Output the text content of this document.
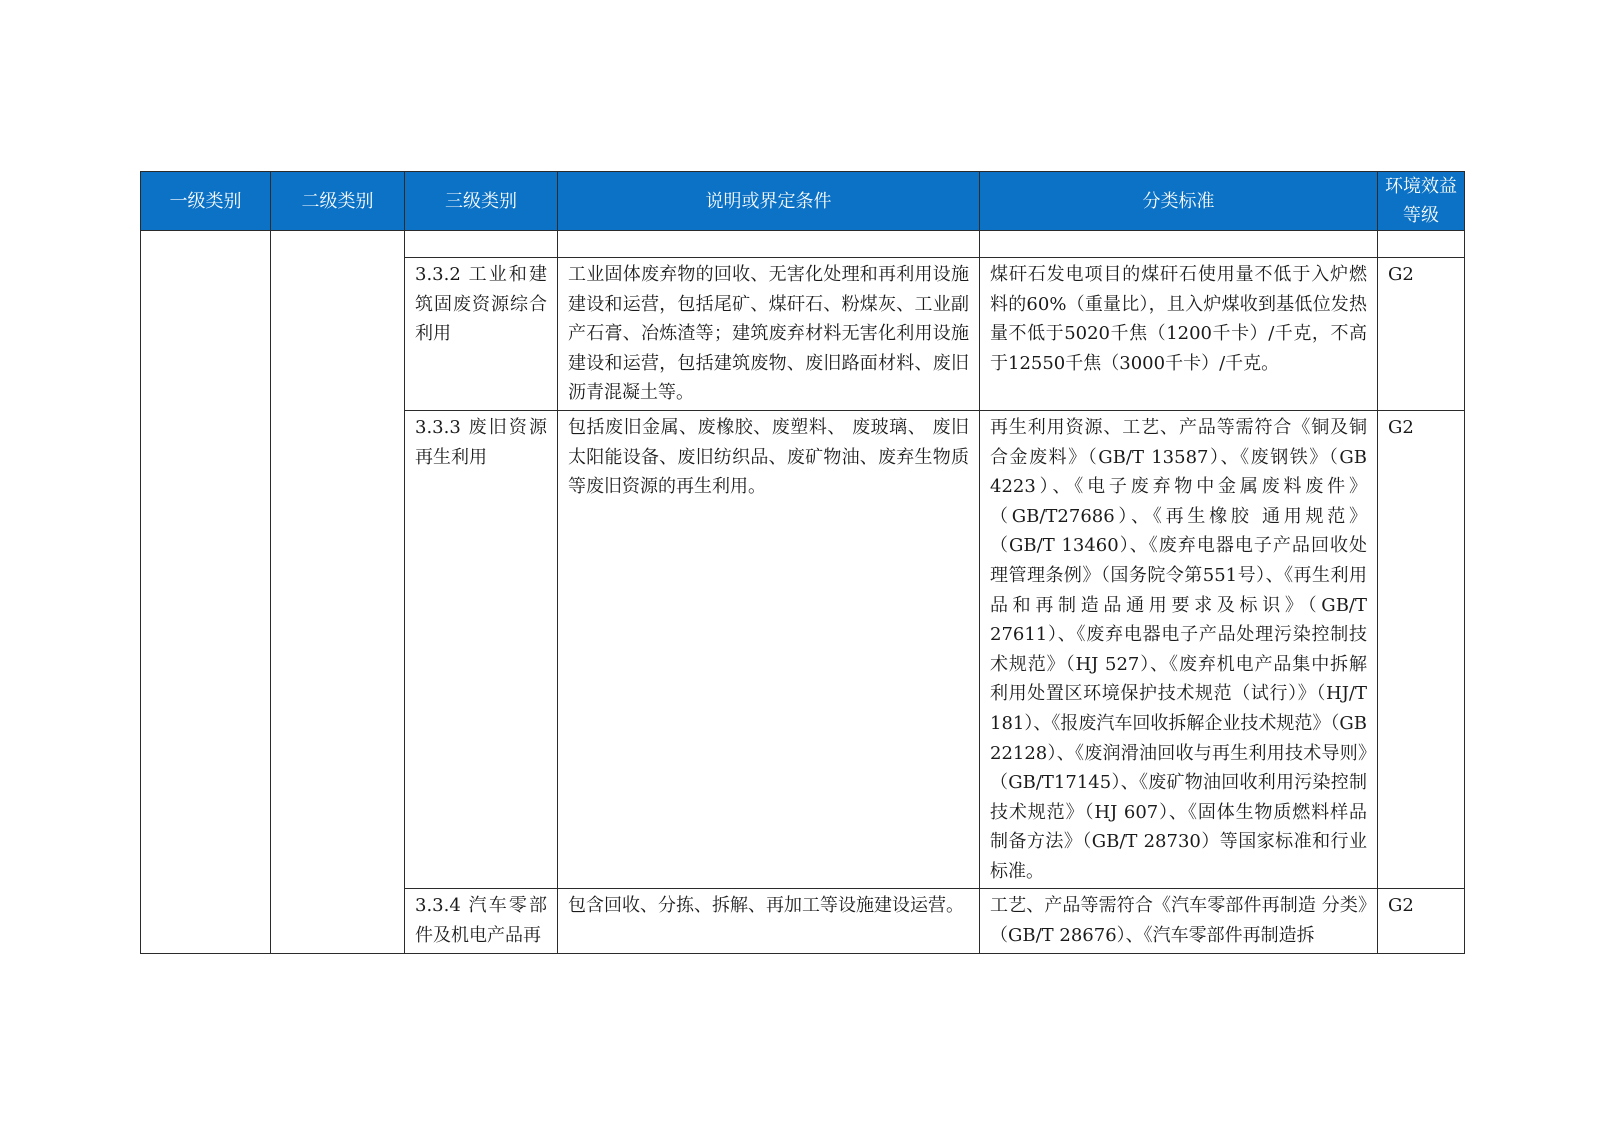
一级类别	二级类别	三级类别	说明或界定条件	分类标准	环境效益等级

		3.3.2 工业和建筑固废资源综合利用	工业固体废弃物的回收、无害化处理和再利用设施建设和运营，包括尾矿、煤矸石、粉煤灰、工业副产石膏、冶炼渣等；建筑废弃材料无害化利用设施建设和运营，包括建筑废物、废旧路面材料、废旧沥青混凝土等。	煤矸石发电项目的煤矸石使用量不低于入炉燃料的60%（重量比），且入炉煤收到基低位发热量不低于5020千焦（1200千卡）/千克，不高于12550千焦（3000千卡）/千克。	G2
		3.3.3 废旧资源再生利用	包括废旧金属、废橡胶、废塑料、 废玻璃、 废旧太阳能设备、废旧纺织品、废矿物油、废弃生物质等废旧资源的再生利用。	再生利用资源、工艺、产品等需符合《铜及铜合金废料》（GB/T 13587）、《废钢铁》（GB 4223）、《电子废弃物中金属废料废件》（GB/T27686）、《再生橡胶 通用规范》（GB/T 13460）、《废弃电器电子产品回收处理管理条例》（国务院令第551号）、《再生利用品和再制造品通用要求及标识》（GB/T 27611）、《废弃电器电子产品处理污染控制技术规范》（HJ 527）、《废弃机电产品集中拆解利用处置区环境保护技术规范（试行）》（HJ/T 181）、《报废汽车回收拆解企业技术规范》（GB 22128）、《废润滑油回收与再生利用技术导则》（GB/T17145）、《废矿物油回收利用污染控制技术规范》（HJ 607）、《固体生物质燃料样品制备方法》（GB/T 28730）等国家标准和行业标准。	G2
		3.3.4 汽车零部件及机电产品再	包含回收、分拣、拆解、再加工等设施建设运营。	工艺、产品等需符合《汽车零部件再制造 分类》（GB/T 28676）、《汽车零部件再制造拆	G2
